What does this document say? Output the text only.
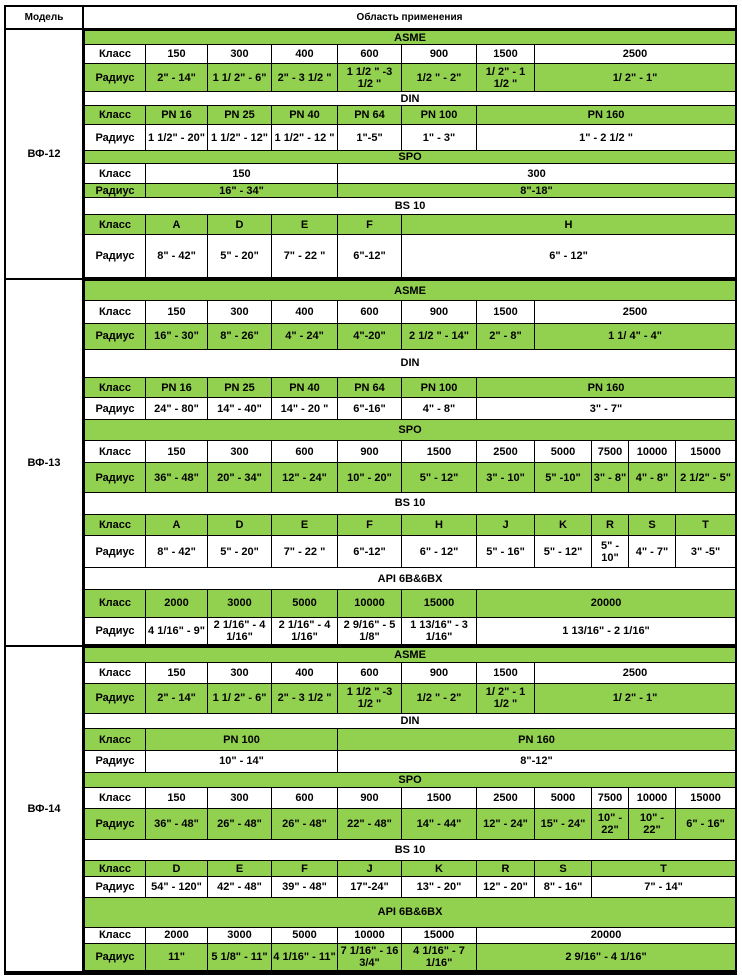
Модель	Область применения
ВФ-12
ASME							
Класс	150	300	400	600	900	1500	2500
Радиус	2" - 14"	1 1/ 2" - 6"	2" - 3 1/2 "	1 1/2 " -3 1/2 "	1/2 " - 2"	1/ 2" - 1 1/2 "	1/ 2" - 1"
DIN							
Класс	PN 16	PN 25	PN 40	PN 64	PN 100	PN 160	
Радиус	1 1/2" - 20"	1 1/2" - 12"	1 1/2" - 12 "	1"-5"	1" - 3"	1" - 2 1/2 "	
SPO							
Класс	150			300			
Радиус	16" - 34"			8"-18"			
BS 10							
Класс	A	D	E	F	H		
Радиус	8" - 42"	5" - 20"	7" - 22 "	6"-12"	6" - 12"		
ВФ-13
ASME										
Класс	150	300	400	600	900	1500	2500			
Радиус	16" - 30"	8" - 26"	4" - 24"	4"-20"	2 1/2 " - 14"	2" - 8"	1 1/ 4" - 4"			
DIN										
Класс	PN 16	PN 25	PN 40	PN 64	PN 100	PN 160				
Радиус	24" - 80"	14" - 40"	14" - 20 "	6"-16"	4" - 8"	3" - 7"				
SPO										
Класс	150	300	600	900	1500	2500	5000	7500	10000	15000
Радиус	36" - 48"	20" - 34"	12" - 24"	10" - 20"	5" - 12"	3" - 10"	5" -10"	3" - 8"	4" - 8"	2 1/2" - 5"
BS 10										
Класс	A	D	E	F	H	J	K	R	S	T
Радиус	8" - 42"	5" - 20"	7" - 22 "	6"-12"	6" - 12"	5" - 16"	5" - 12"	5" - 10"	4" - 7"	3" -5"
API 6B&6BX										
Класс	2000	3000	5000	10000	15000	20000				
Радиус	4 1/16" - 9"	2 1/16" - 4 1/16"	2 1/16" - 4 1/16"	2 9/16" - 5 1/8"	1 13/16" - 3 1/16"	1 13/16" - 2 1/16"				
ВФ-14
ASME										
Класс	150	300	400	600	900	1500	2500			
Радиус	2" - 14"	1 1/ 2" - 6"	2" - 3 1/2 "	1 1/2 " -3 1/2 "	1/2 " - 2"	1/ 2" - 1 1/2 "	1/ 2" - 1"			
DIN										
Класс	PN 100			PN 160						
Радиус	10" - 14"			8"-12"						
SPO										
Класс	150	300	600	900	1500	2500	5000	7500	10000	15000
Радиус	36" - 48"	26" - 48"	26" - 48"	22" - 48"	14" - 44"	12" - 24"	15" - 24"	10" - 22"	10" - 22"	6" - 16"
BS 10										
Класс	D	E	F	J	K	R	S	T		
Радиус	54" - 120"	42" - 48"	39" - 48"	17"-24"	13" - 20"	12" - 20"	8" - 16"	7" - 14"		
API 6B&6BX										
Класс	2000	3000	5000	10000	15000	20000				
Радиус	11"	5 1/8" - 11"	4 1/16" - 11"	7 1/16" - 16 3/4"	4 1/16" - 7 1/16"	2 9/16" - 4 1/16"				
